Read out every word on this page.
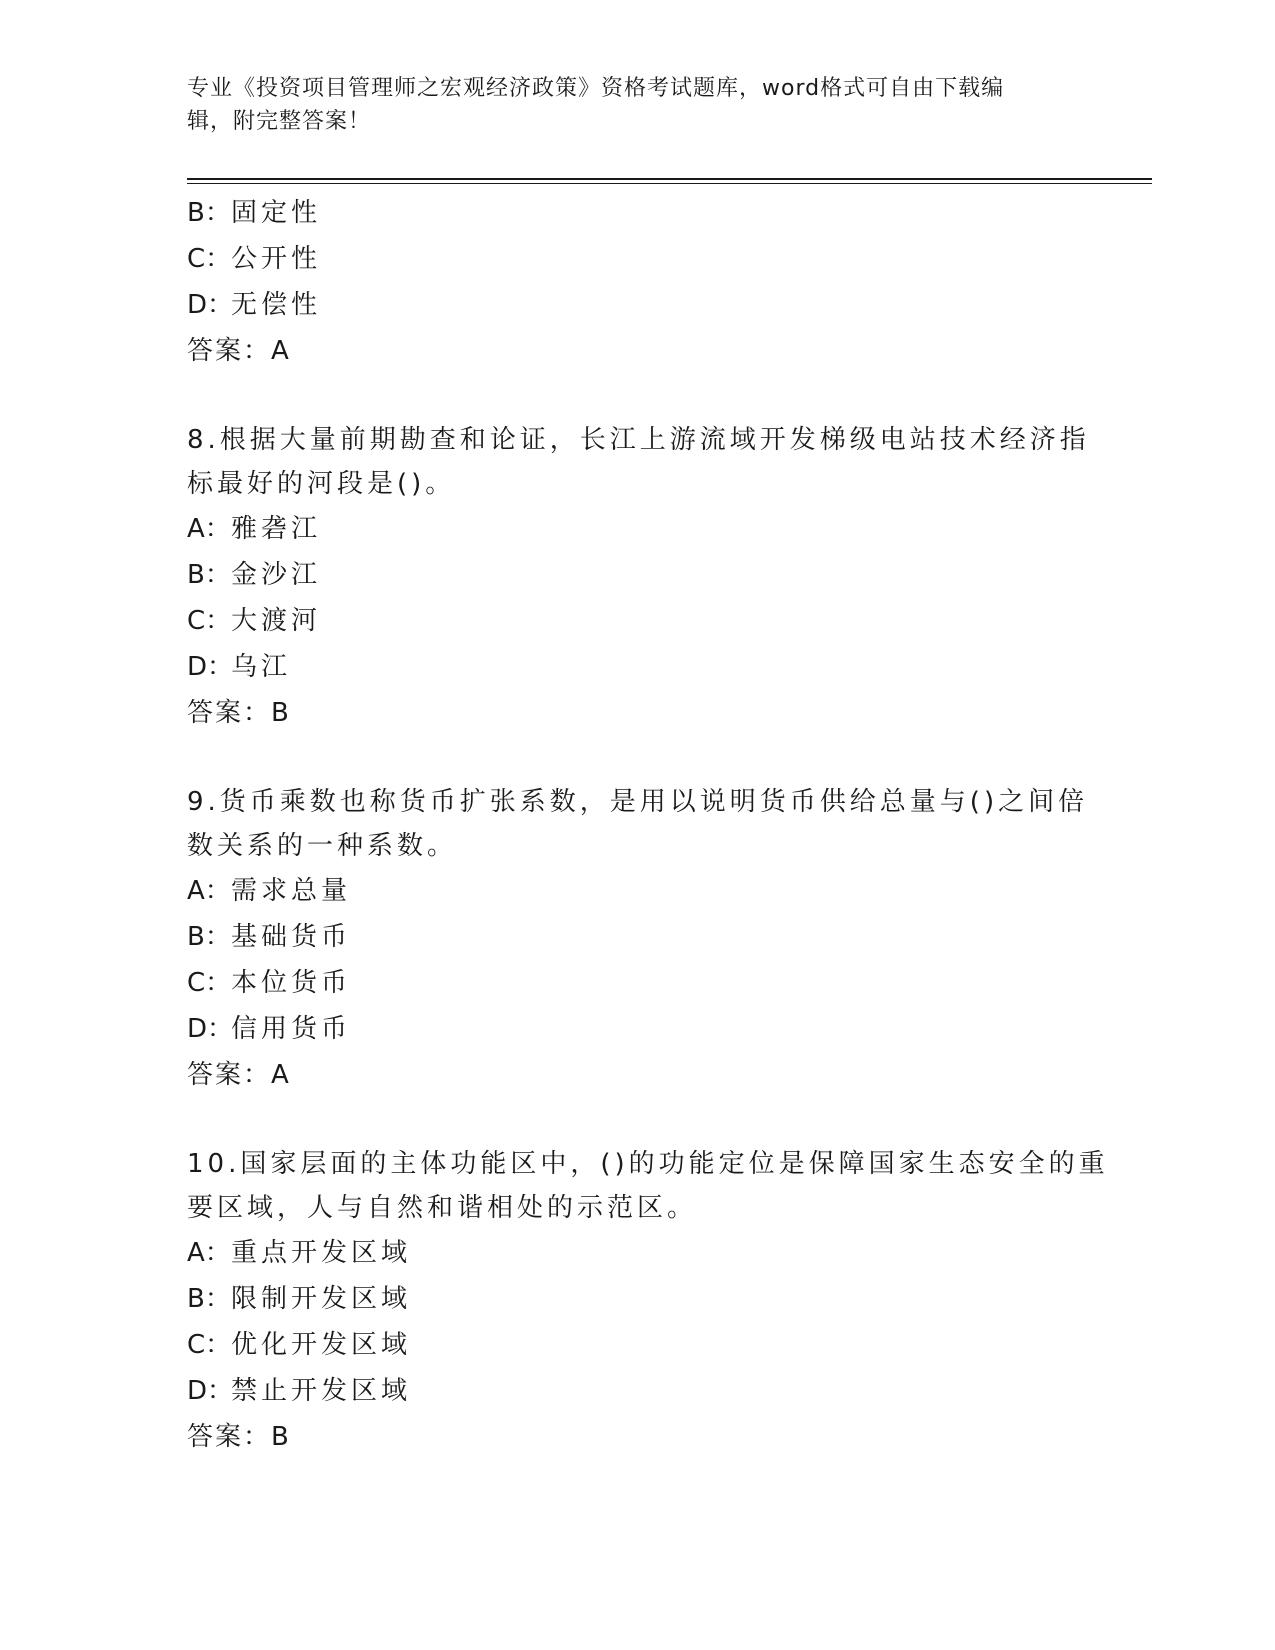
专业《投资项目管理师之宏观经济政策》资格考试题库，word格式可自由下载编
辑，附完整答案！
B：固定性
C：公开性
D：无偿性
答案：A
8.根据大量前期勘查和论证，长江上游流域开发梯级电站技术经济指
标最好的河段是()。
A：雅砻江
B：金沙江
C：大渡河
D：乌江
答案：B
9.货币乘数也称货币扩张系数，是用以说明货币供给总量与()之间倍
数关系的一种系数。
A：需求总量
B：基础货币
C：本位货币
D：信用货币
答案：A
10.国家层面的主体功能区中，()的功能定位是保障国家生态安全的重
要区域，人与自然和谐相处的示范区。
A：重点开发区域
B：限制开发区域
C：优化开发区域
D：禁止开发区域
答案：B
